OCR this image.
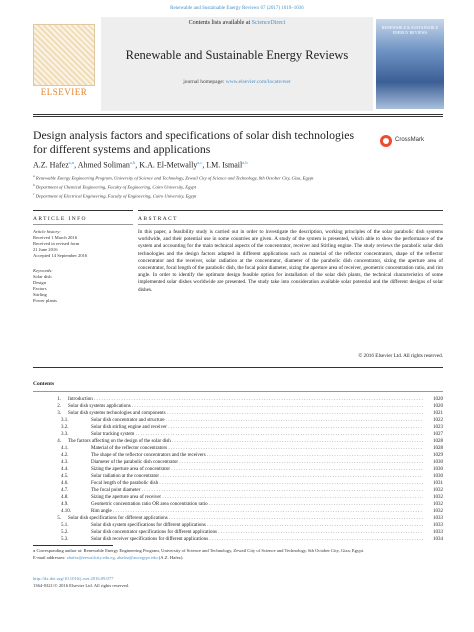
Renewable and Sustainable Energy Reviews 67 (2017) 1019–1036
ELSEVIER
Contents lists available at ScienceDirect
Renewable and Sustainable Energy Reviews
journal homepage: www.elsevier.com/locate/rser
RENEWABLE & SUSTAINABLE ENERGY REVIEWS
Design analysis factors and specifications of solar dish technologies for different systems and applications
CrossMark
A.Z. Hafez$^{a,⁎}$, Ahmed Soliman$^{a,b}$, K.A. El-Metwally$^{a,c}$, I.M. Ismail$^{a,b}$
$^a$ Renewable Energy Engineering Program, University of Science and Technology, Zewail City of Science and Technology, 6th October City, Giza, Egypt
$^b$ Department of Chemical Engineering, Faculty of Engineering, Cairo University, Egypt
$^c$ Department of Electrical Engineering, Faculty of Engineering, Cairo University, Egypt
ARTICLE INFO	ABSTRACT
Article history:
Received 1 March 2016
Received in revised form
21 June 2016
Accepted 14 September 2016
Keywords:
Solar dish
Design
Factors
Stirling
Power plants
In this paper, a feasibility study is carried out in order to investigate the description, working principles of the solar parabolic dish systems worldwide, and their potential use in some countries are given. A study of the system is presented, which able to show the performance of the system and accounting for the main technical aspects of the concentrator, receiver and Stirling engine. The study reviews the parabolic solar dish technologies and the design factors adapted in different applications such as material of the reflector concentrators, shape of the reflector concentrator and the receiver, solar radiation at the concentrator, diameter of the parabolic dish concentrator, sizing the aperture area of concentrator, focal length of the parabolic dish, the focal point diameter, sizing the aperture area of receiver, geometric concentration ratio, and rim angle. In order to identify the optimum design feasible option for installation of the solar dish plants, the technical characteristics of some implemented solar dishes worldwide are presented. The study take into consideration available solar potential and the different designs of solar dishes.
© 2016 Elsevier Ltd. All rights reserved.
Contents
1. Introduction . . .	1020
2. Solar dish systems applications . . .	1020
3. Solar dish systems technologies and components . . .	1021
3.1.	Solar dish concentrator and structure . . .	1022
3.2.	Solar dish stirling engine and receiver . . .	1023
3.3.	Solar tracking system . . .	1027
4. The factors affecting on the design of the solar dish . . .	1028
4.1.	Material of the reflector concentrators . . .	1028
4.2.	The shape of the reflector concentrators and the receivers . . .	1029
4.3.	Diameter of the parabolic dish concentrator . . .	1030
4.4.	Sizing the aperture area of concentrator . . .	1030
4.5.	Solar radiation at the concentrator . . .	1030
4.6.	Focal length of the parabolic dish . . .	1031
4.7.	The focal point diameter . . .	1032
4.8.	Sizing the aperture area of receiver . . .	1032
4.9.	Geometric concentration ratio OR area concentration ratio . . .	1032
4.10.	Rim angle . . .	1032
5. Solar dish specifications for different applications . . .	1033
5.1.	Solar dish system specifications for different applications . . .	1033
5.2.	Solar dish concentrator specifications for different applications . . .	1033
5.3.	Solar dish receiver specifications for different applications . . .	1034
⁎ Corresponding author at: Renewable Energy Engineering Program, University of Science and Technology, Zewail City of Science and Technology, 6th October City, Giza, Egypt.
E-mail addresses: zhafez@zewailcity.edu.eg, ahafez@aucegypt.edu (A.Z. Hafez).
http://dx.doi.org/10.1016/j.rser.2016.09.077
1364-0321/© 2016 Elsevier Ltd. All rights reserved.
